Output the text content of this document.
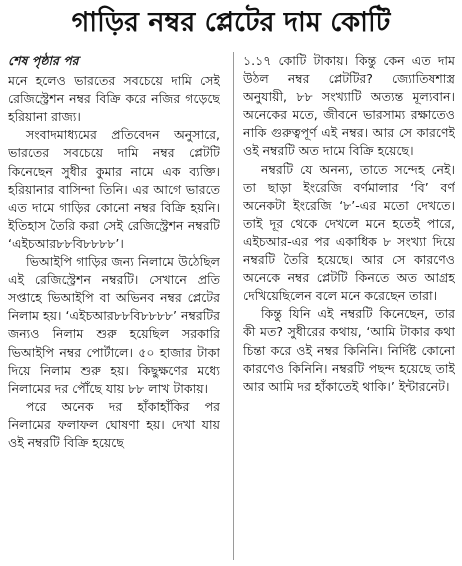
গাড়ির নম্বর প্লেটের দাম কোটি
শেষ পৃষ্ঠার পর

মনে হলেও ভারতের সবচেয়ে দামি সেই রেজিস্ট্রেশন নম্বর বিক্রি করে নজির গড়েছে হরিয়ানা রাজ্য।

সংবাদমাধ্যমের প্রতিবেদন অনুসারে, ভারতের সবচেয়ে দামি নম্বর প্লেটটি কিনেছেন সুধীর কুমার নামে এক ব্যক্তি। হরিয়ানার বাসিন্দা তিনি। এর আগে ভারতে এত দামে গাড়ির কোনো নম্বর বিক্রি হয়নি। ইতিহাস তৈরি করা সেই রেজিস্ট্রেশন নম্বরটি ‘এইচআর৮৮বি৮৮৮৮’।

ভিআইপি গাড়ির জন্য নিলামে উঠেছিল এই রেজিস্ট্রেশন নম্বরটি। সেখানে প্রতি সপ্তাহে ভিআইপি বা অভিনব নম্বর প্লেটের নিলাম হয়। ‘এইচআর৮৮বি৮৮৮৮’ নম্বরটির জন্যও নিলাম শুরু হয়েছিল সরকারি ভিআইপি নম্বর পোর্টালে। ৫০ হাজার টাকা দিয়ে নিলাম শুরু হয়। কিছুক্ষণের মধ্যে নিলামের দর পৌঁছে যায় ৮৮ লাখ টাকায়।

পরে অনেক দর হাঁকাহাঁকির পর নিলামের ফলাফল ঘোষণা হয়। দেখা যায় ওই নম্বরটি বিক্রি হয়েছে

১.১৭ কোটি টাকায়। কিন্তু কেন এত দাম উঠল নম্বর প্লেটটির? জ্যোতিষশাস্ত্র অনুযায়ী, ৮৮ সংখ্যাটি অত্যন্ত মূল্যবান। অনেকের মতে, জীবনে ভারসাম্য রক্ষাতেও নাকি গুরুত্বপূর্ণ এই নম্বর। আর সে কারণেই ওই নম্বরটি অত দামে বিক্রি হয়েছে।

নম্বরটি যে অনন্য, তাতে সন্দেহ নেই। তা ছাড়া ইংরেজি বর্ণমালার ‘বি’ বর্ণ অনেকটা ইংরেজি ‘৮’-এর মতো দেখতে। তাই দূর থেকে দেখলে মনে হতেই পারে, এইচআর-এর পর একাধিক ৮ সংখ্যা দিয়ে নম্বরটি তৈরি হয়েছে। আর সে কারণেও অনেকে নম্বর প্লেটটি কিনতে অত আগ্রহ দেখিয়েছিলেন বলে মনে করেছেন তারা।

কিন্তু যিনি এই নম্বরটি কিনেছেন, তার কী মত? সুধীরের কথায়, ‘আমি টাকার কথা চিন্তা করে ওই নম্বর কিনিনি। নির্দিষ্ট কোনো কারণেও কিনিনি। নম্বরটি পছন্দ হয়েছে তাই আর আমি দর হাঁকাতেই থাকি।’ ইন্টারনেট।
